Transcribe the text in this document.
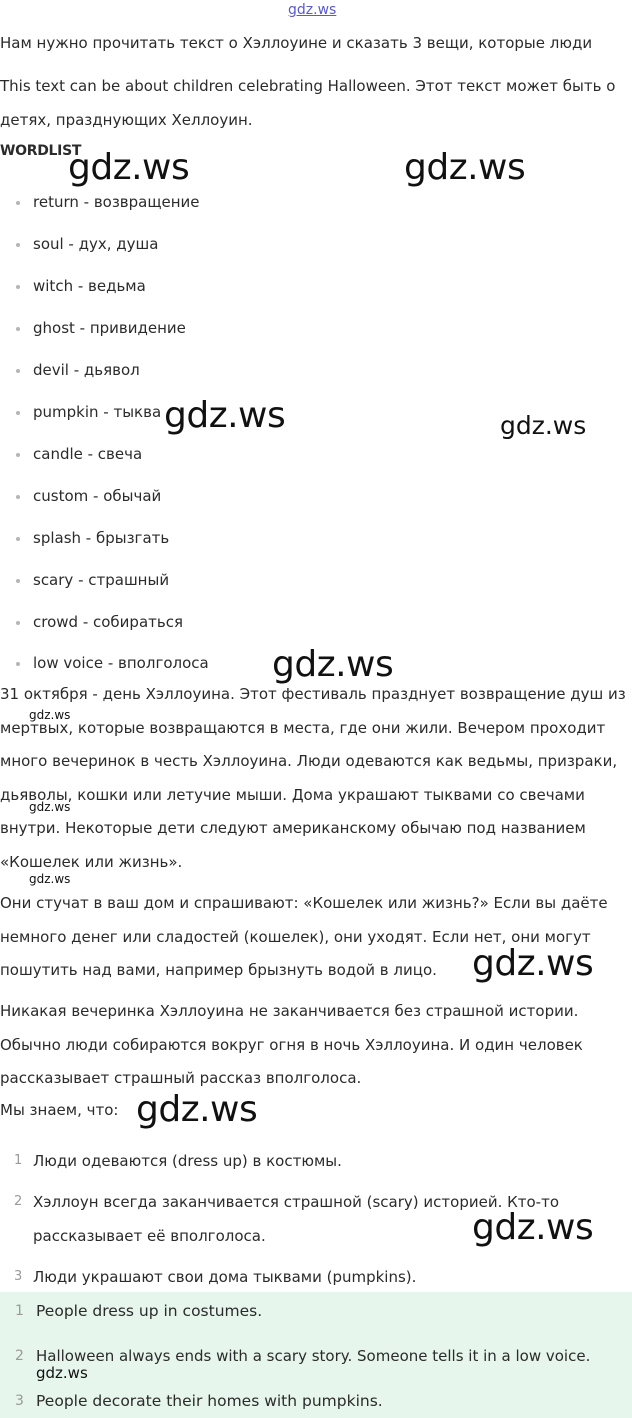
gdz.ws
Нам нужно прочитать текст о Хэллоуине и сказать 3 вещи, которые люди
This text can be about children celebrating Halloween. Этот текст может быть о
детях, празднующих Хеллоуин.
WORDLIST
return - возвращение
soul - дух, душа
witch - ведьма
ghost - привидение
devil - дьявол
pumpkin - тыква
candle - свеча
custom - обычай
splash - брызгать
scary - страшный
crowd - собираться
low voice - вполголоса
31 октября - день Хэллоуина. Этот фестиваль празднует возвращение душ из
мертвых, которые возвращаются в места, где они жили. Вечером проходит
много вечеринок в честь Хэллоуина. Люди одеваются как ведьмы, призраки,
дьяволы, кошки или летучие мыши. Дома украшают тыквами со свечами
внутри. Некоторые дети следуют американскому обычаю под названием
«Кошелек или жизнь».
Они стучат в ваш дом и спрашивают: «Кошелек или жизнь?» Если вы даёте
немного денег или сладостей (кошелек), они уходят. Если нет, они могут
пошутить над вами, например брызнуть водой в лицо.
Никакая вечеринка Хэллоуина не заканчивается без страшной истории.
Обычно люди собираются вокруг огня в ночь Хэллоуина. И один человек
рассказывает страшный рассказ вполголоса.
Мы знаем, что:
1 Люди одеваются (dress up) в костюмы.
2 Хэллоун всегда заканчивается страшной (scary) историей. Кто-то
рассказывает её вполголоса.
3 Люди украшают свои дома тыквами (pumpkins).
1 People dress up in costumes.
2 Halloween always ends with a scary story. Someone tells it in a low voice.
3 People decorate their homes with pumpkins.
gdz.ws	gdz.ws
gdz.ws	gdz.ws
gdz.ws
gdz.ws
gdz.ws
gdz.ws
gdz.ws
gdz.ws
gdz.ws
gdz.ws
